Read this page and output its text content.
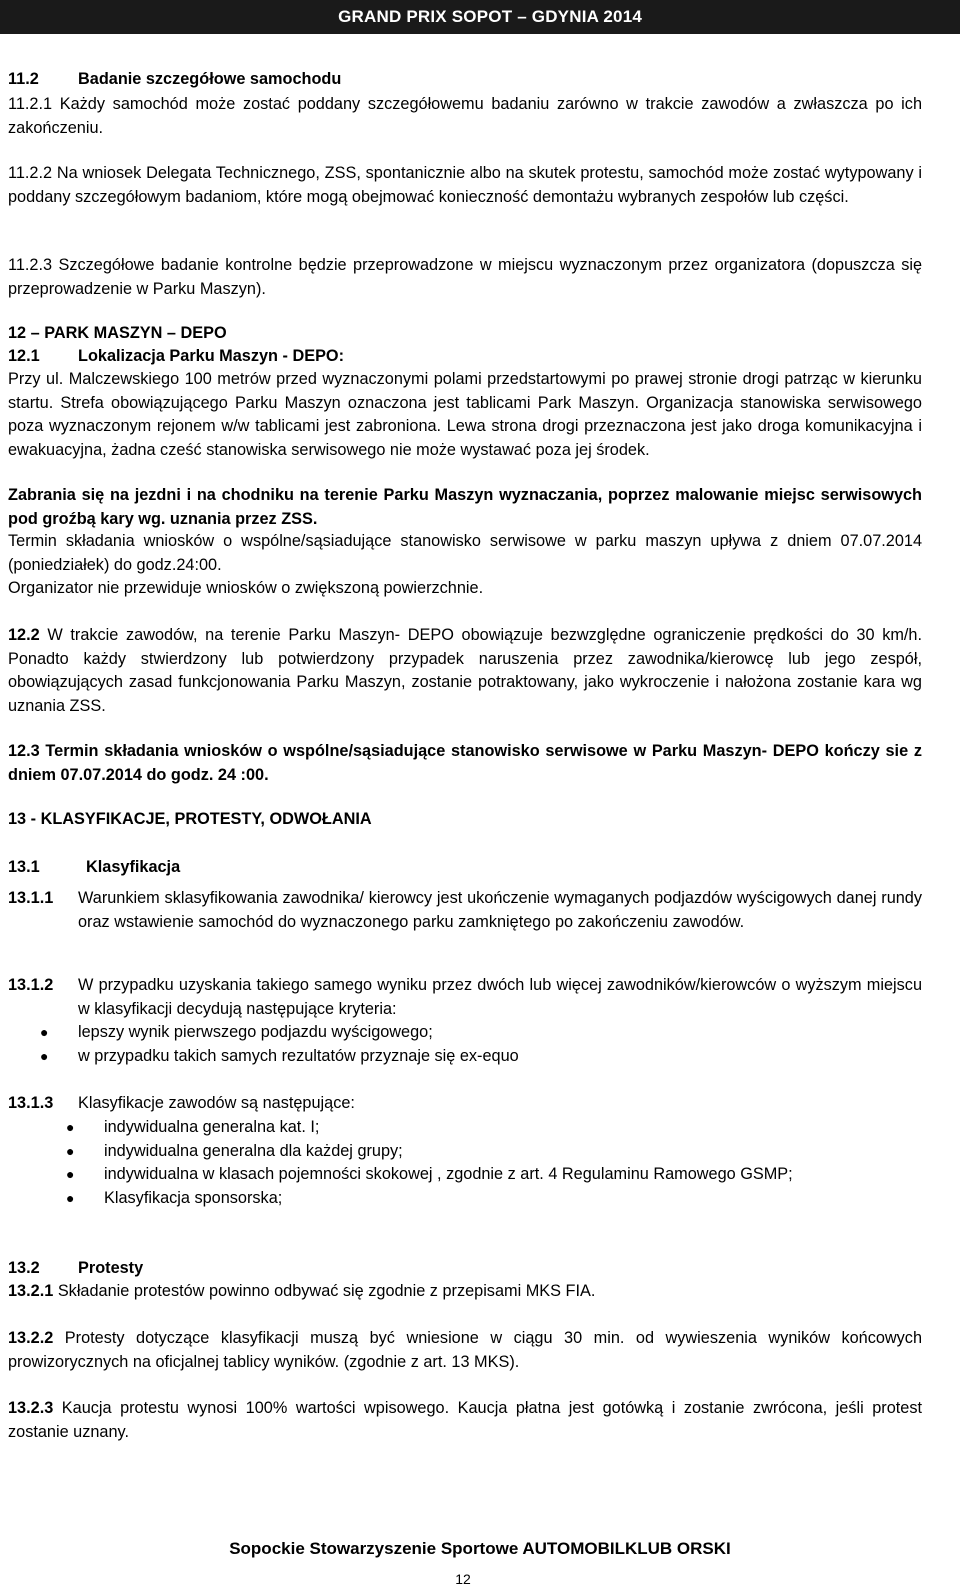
GRAND PRIX SOPOT – GDYNIA 2014
11.2 Badanie szczegółowe samochodu

11.2.1 Każdy samochód może zostać poddany szczegółowemu badaniu zarówno w trakcie zawodów a zwłaszcza po ich zakończeniu.

11.2.2 Na wniosek Delegata Technicznego, ZSS, spontanicznie albo na skutek protestu, samochód może zostać wytypowany i poddany szczegółowym badaniom, które mogą obejmować konieczność demontażu wybranych zespołów lub części.

11.2.3 Szczegółowe badanie kontrolne będzie przeprowadzone w miejscu wyznaczonym przez organizatora (dopuszcza się przeprowadzenie w Parku Maszyn).

12 – PARK MASZYN – DEPO
12.1 Lokalizacja Parku Maszyn - DEPO:

Przy ul. Malczewskiego 100 metrów przed wyznaczonymi polami przedstartowymi po prawej stronie drogi patrząc w kierunku startu. Strefa obowiązującego Parku Maszyn oznaczona jest tablicami Park Maszyn. Organizacja stanowiska serwisowego poza wyznaczonym rejonem w/w tablicami jest zabroniona. Lewa strona drogi przeznaczona jest jako droga komunikacyjna i ewakuacyjna, żadna cześć stanowiska serwisowego nie może wystawać poza jej środek.

Zabrania się na jezdni i na chodniku na terenie Parku Maszyn wyznaczania, poprzez malowanie miejsc serwisowych pod groźbą kary wg. uznania przez ZSS.

Termin składania wniosków o wspólne/sąsiadujące stanowisko serwisowe w parku maszyn upływa z dniem 07.07.2014 (poniedziałek) do godz.24:00.

Organizator nie przewiduje wniosków o zwiększoną powierzchnie.

12.2 W trakcie zawodów, na terenie Parku Maszyn- DEPO obowiązuje bezwzględne ograniczenie prędkości do 30 km/h. Ponadto każdy stwierdzony lub potwierdzony przypadek naruszenia przez zawodnika/kierowcę lub jego zespół, obowiązujących zasad funkcjonowania Parku Maszyn, zostanie potraktowany, jako wykroczenie i nałożona zostanie kara wg uznania ZSS.

12.3 Termin składania wniosków o wspólne/sąsiadujące stanowisko serwisowe w Parku Maszyn- DEPO kończy sie z dniem 07.07.2014 do godz. 24 :00.

13 - KLASYFIKACJE, PROTESTY, ODWOŁANIA
13.1	Klasyfikacja
13.1.1 Warunkiem sklasyfikowania zawodnika/ kierowcy jest ukończenie wymaganych podjazdów wyścigowych danej rundy oraz wstawienie samochód do wyznaczonego parku zamkniętego po zakończeniu zawodów.

13.1.2 W przypadku uzyskania takiego samego wyniku przez dwóch lub więcej zawodników/kierowców o wyższym miejscu w klasyfikacji decydują następujące kryteria:

● lepszy wynik pierwszego podjazdu wyścigowego;
● w przypadku takich samych rezultatów przyznaje się ex-equo
13.1.3 Klasyfikacje zawodów są następujące:

● indywidualna generalna kat. I;
● indywidualna generalna dla każdej grupy;
● indywidualna w klasach pojemności skokowej , zgodnie z art. 4 Regulaminu Ramowego GSMP;
● Klasyfikacja sponsorska;
13.2 Protesty

13.2.1 Składanie protestów powinno odbywać się zgodnie z przepisami MKS FIA.

13.2.2 Protesty dotyczące klasyfikacji muszą być wniesione w ciągu 30 min. od wywieszenia wyników końcowych prowizorycznych na oficjalnej tablicy wyników. (zgodnie z art. 13 MKS).

13.2.3 Kaucja protestu wynosi 100% wartości wpisowego. Kaucja płatna jest gotówką i zostanie zwrócona, jeśli protest zostanie uznany.

Sopockie Stowarzyszenie Sportowe AUTOMOBILKLUB ORSKI
12
